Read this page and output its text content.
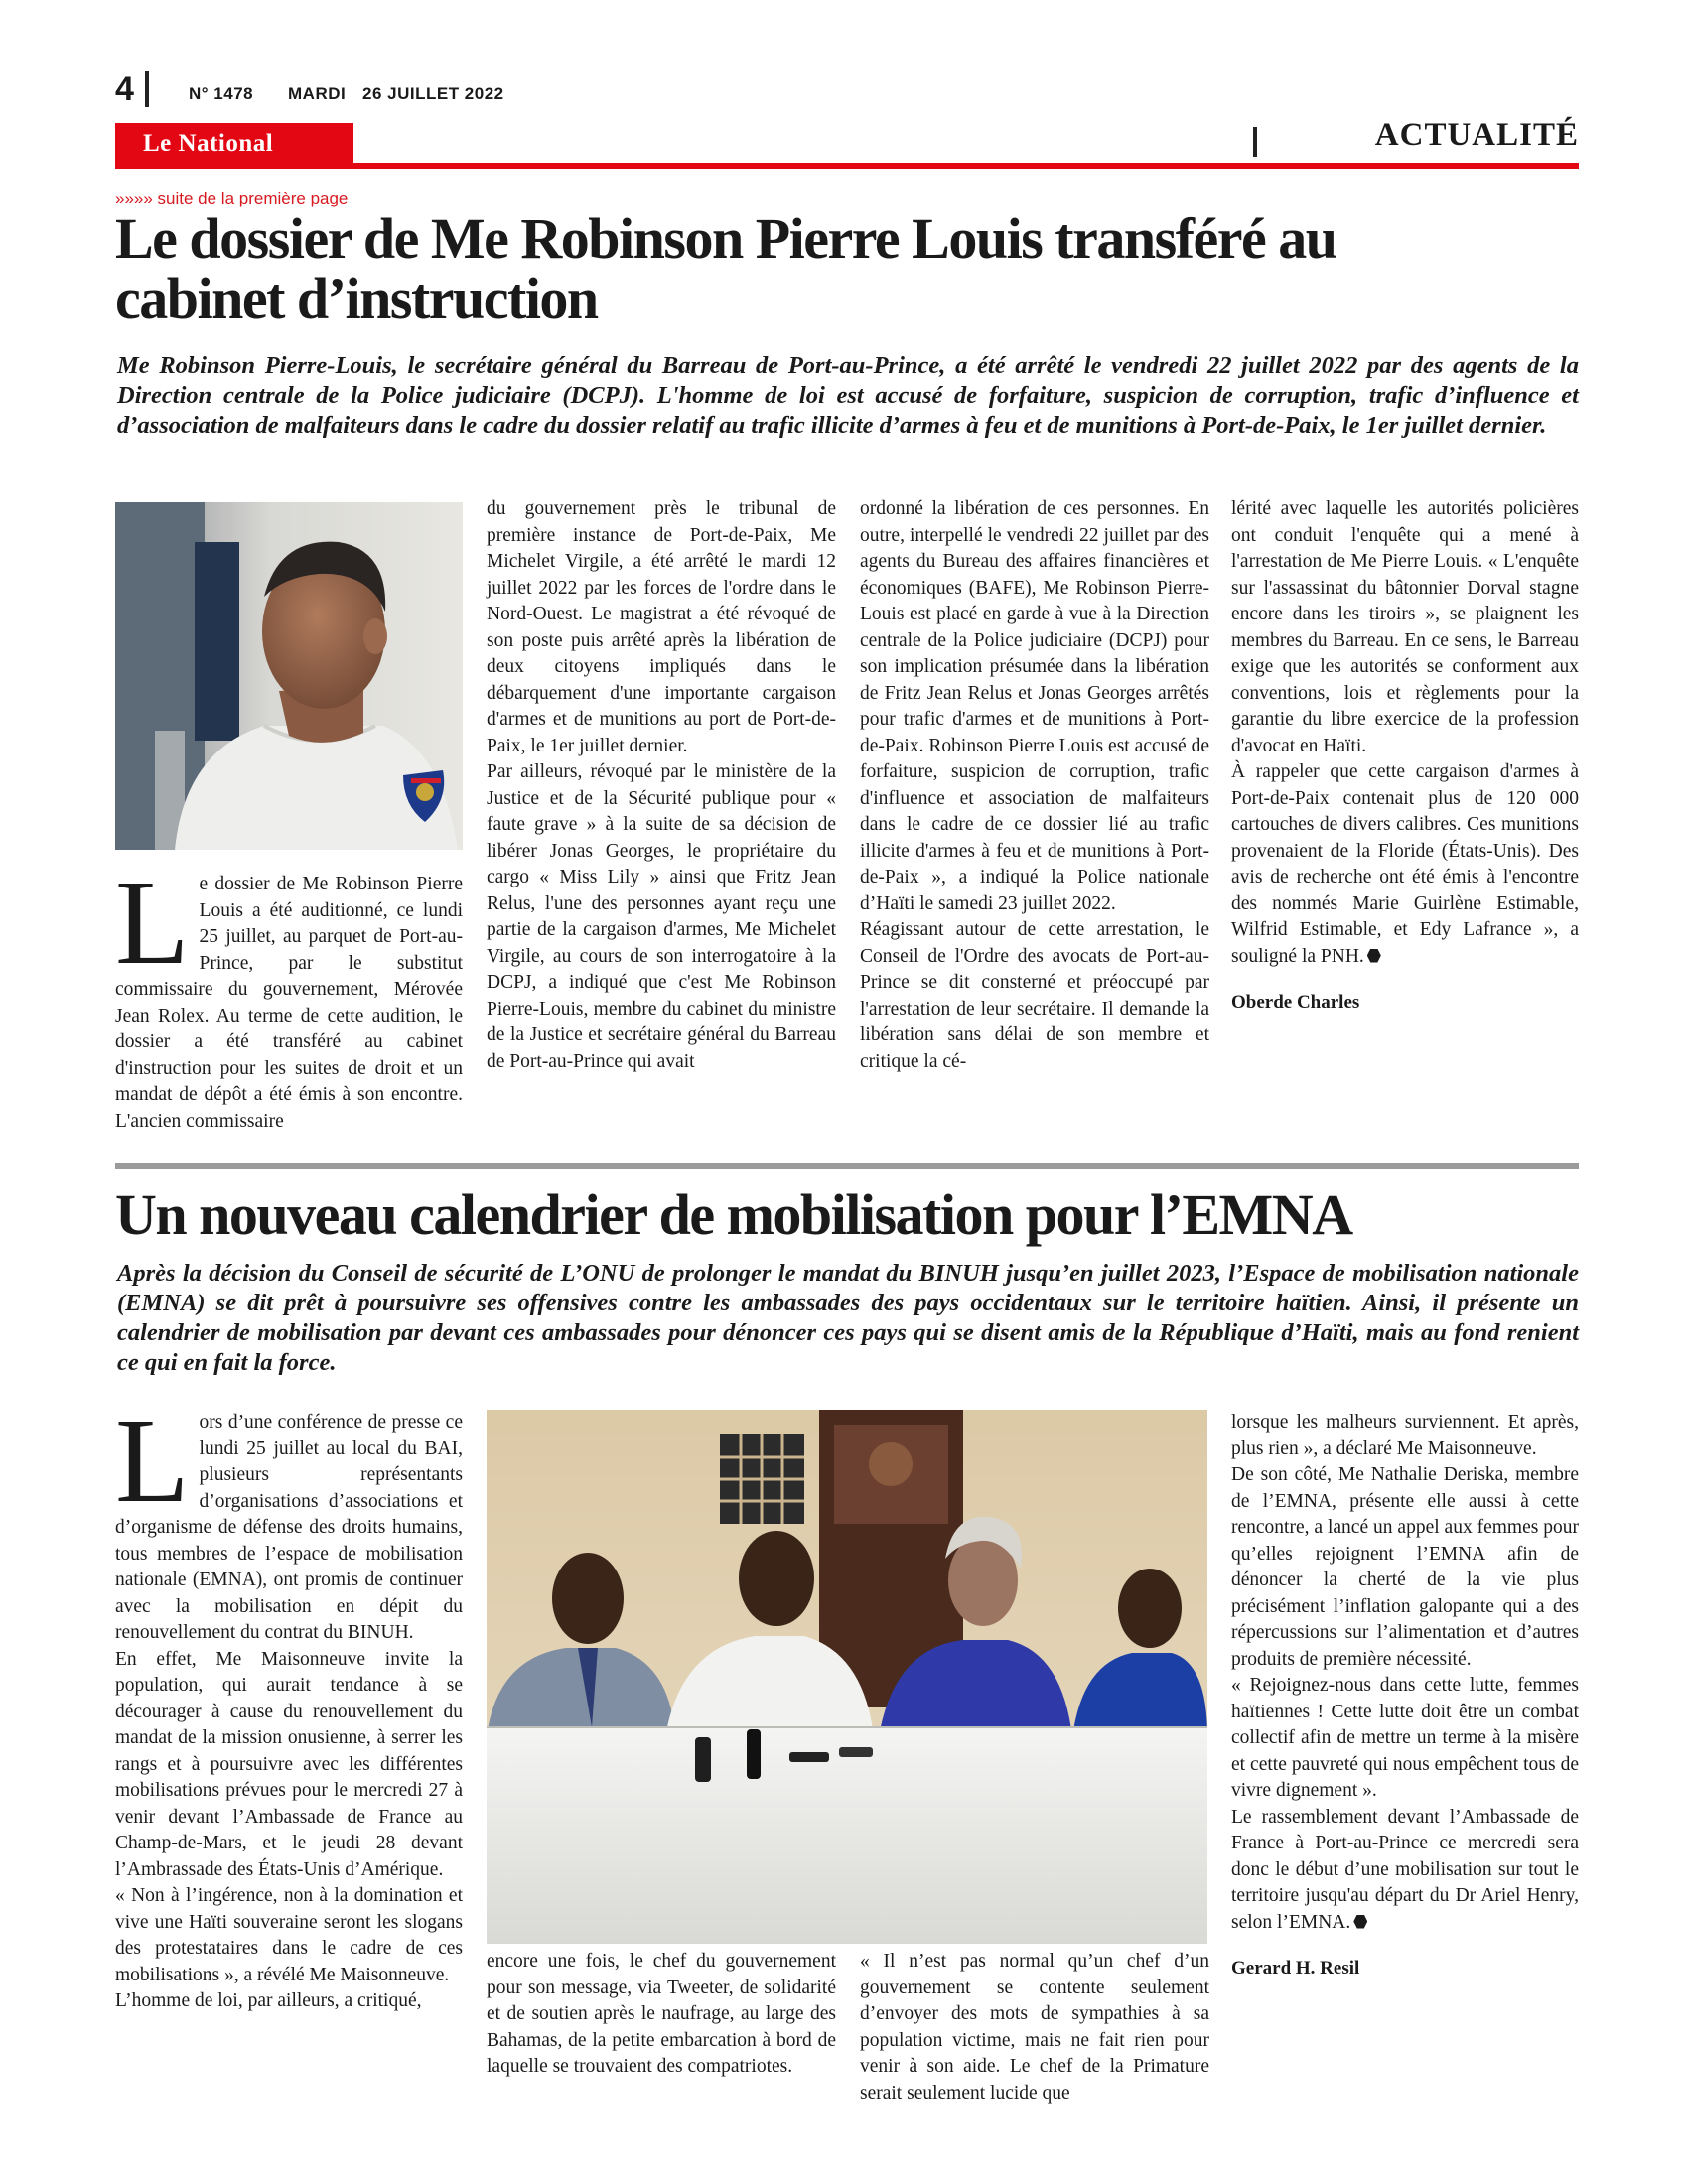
4	N° 1478 MARDI 26 JUILLET 2022
Le National	ACTUALITÉ
»»»» suite de la première page
Le dossier de Me Robinson Pierre Louis transféré au
cabinet d’instruction

Me Robinson Pierre-Louis, le secrétaire général du Barreau de Port-au-Prince, a été arrêté le vendredi 22 juillet 2022 par des agents de la Direction centrale de la Police judiciaire (DCPJ). L'homme de loi est accusé de forfaiture, suspicion de corruption, trafic d’influence et d’association de malfaiteurs dans le cadre du dossier relatif au trafic illicite d’armes à feu et de munitions à Port-de-Paix, le 1er juillet dernier.

Le dossier de Me Robinson Pierre Louis a été auditionné, ce lundi 25 juillet, au parquet de Port-au-Prince, par le substitut commissaire du gouvernement, Mérovée Jean Rolex. Au terme de cette audition, le dossier a été transféré au cabinet d'instruction pour les suites de droit et un mandat de dépôt a été émis à son encontre. L'ancien commissaire

du gouvernement près le tribunal de première instance de Port-de-Paix, Me Michelet Virgile, a été arrêté le mardi 12 juillet 2022 par les forces de l'ordre dans le Nord-Ouest. Le magistrat a été révoqué de son poste puis arrêté après la libération de deux citoyens impliqués dans le débarquement d'une importante cargaison d'armes et de munitions au port de Port-de-Paix, le 1er juillet dernier.

Par ailleurs, révoqué par le ministère de la Justice et de la Sécurité publique pour « faute grave » à la suite de sa décision de libérer Jonas Georges, le propriétaire du cargo « Miss Lily » ainsi que Fritz Jean Relus, l'une des personnes ayant reçu une partie de la cargaison d'armes, Me Michelet Virgile, au cours de son interrogatoire à la DCPJ, a indiqué que c'est Me Robinson Pierre-Louis, membre du cabinet du ministre de la Justice et secrétaire général du Barreau de Port-au-Prince qui avait

ordonné la libération de ces personnes. En outre, interpellé le vendredi 22 juillet par des agents du Bureau des affaires financières et économiques (BAFE), Me Robinson Pierre-Louis est placé en garde à vue à la Direction centrale de la Police judiciaire (DCPJ) pour son implication présumée dans la libération de Fritz Jean Relus et Jonas Georges arrêtés pour trafic d'armes et de munitions à Port-de-Paix. Robinson Pierre Louis est accusé de forfaiture, suspicion de corruption, trafic d'influence et association de malfaiteurs dans le cadre de ce dossier lié au trafic illicite d'armes à feu et de munitions à Port-de-Paix », a indiqué la Police nationale d’Haïti le samedi 23 juillet 2022.

Réagissant autour de cette arrestation, le Conseil de l'Ordre des avocats de Port-au-Prince se dit consterné et préoccupé par l'arrestation de leur secrétaire. Il demande la libération sans délai de son membre et critique la cé-

lérité avec laquelle les autorités policières ont conduit l'enquête qui a mené à l'arrestation de Me Pierre Louis. « L'enquête sur l'assassinat du bâtonnier Dorval stagne encore dans les tiroirs », se plaignent les membres du Barreau. En ce sens, le Barreau exige que les autorités se conforment aux conventions, lois et règlements pour la garantie du libre exercice de la profession d'avocat en Haïti.

À rappeler que cette cargaison d'armes à Port-de-Paix contenait plus de 120 000 cartouches de divers calibres. Ces munitions provenaient de la Floride (États-Unis). Des avis de recherche ont été émis à l'encontre des nommés Marie Guirlène Estimable, Wilfrid Estimable, et Edy Lafrance », a souligné la PNH.

Oberde Charles

Un nouveau calendrier de mobilisation pour l’EMNA

Après la décision du Conseil de sécurité de L’ONU de prolonger le mandat du BINUH jusqu’en juillet 2023, l’Espace de mobilisation nationale (EMNA) se dit prêt à poursuivre ses offensives contre les ambassades des pays occidentaux sur le territoire haïtien. Ainsi, il présente un calendrier de mobilisation par devant ces ambassades pour dénoncer ces pays qui se disent amis de la République d’Haïti, mais au fond renient ce qui en fait la force.

Lors d’une conférence de presse ce lundi 25 juillet au local du BAI, plusieurs représentants d’organisations d’associations et d’organisme de défense des droits humains, tous membres de l’espace de mobilisation nationale (EMNA), ont promis de continuer avec la mobilisation en dépit du renouvellement du contrat du BINUH.

En effet, Me Maisonneuve invite la population, qui aurait tendance à se décourager à cause du renouvellement du mandat de la mission onusienne, à serrer les rangs et à poursuivre avec les différentes mobilisations prévues pour le mercredi 27 à venir devant l’Ambassade de France au Champ-de-Mars, et le jeudi 28 devant l’Ambrassade des États-Unis d’Amérique.

« Non à l’ingérence, non à la domination et vive une Haïti souveraine seront les slogans des protestataires dans le cadre de ces mobilisations », a révélé Me Maisonneuve.

L’homme de loi, par ailleurs, a critiqué,

encore une fois, le chef du gouvernement pour son message, via Tweeter, de solidarité et de soutien après le naufrage, au large des Bahamas, de la petite embarcation à bord de laquelle se trouvaient des compatriotes.

« Il n’est pas normal qu’un chef d’un gouvernement se contente seulement d’envoyer des mots de sympathies à sa population victime, mais ne fait rien pour venir à son aide. Le chef de la Primature serait seulement lucide que

lorsque les malheurs surviennent. Et après, plus rien », a déclaré Me Maisonneuve.

De son côté, Me Nathalie Deriska, membre de l’EMNA, présente elle aussi à cette rencontre, a lancé un appel aux femmes pour qu’elles rejoignent l’EMNA afin de dénoncer la cherté de la vie plus précisément l’inflation galopante qui a des répercussions sur l’alimentation et d’autres produits de première nécessité.

« Rejoignez-nous dans cette lutte, femmes haïtiennes ! Cette lutte doit être un combat collectif afin de mettre un terme à la misère et cette pauvreté qui nous empêchent tous de vivre dignement ».

Le rassemblement devant l’Ambassade de France à Port-au-Prince ce mercredi sera donc le début d’une mobilisation sur tout le territoire jusqu'au départ du Dr Ariel Henry, selon l’EMNA.

Gerard H. Resil
